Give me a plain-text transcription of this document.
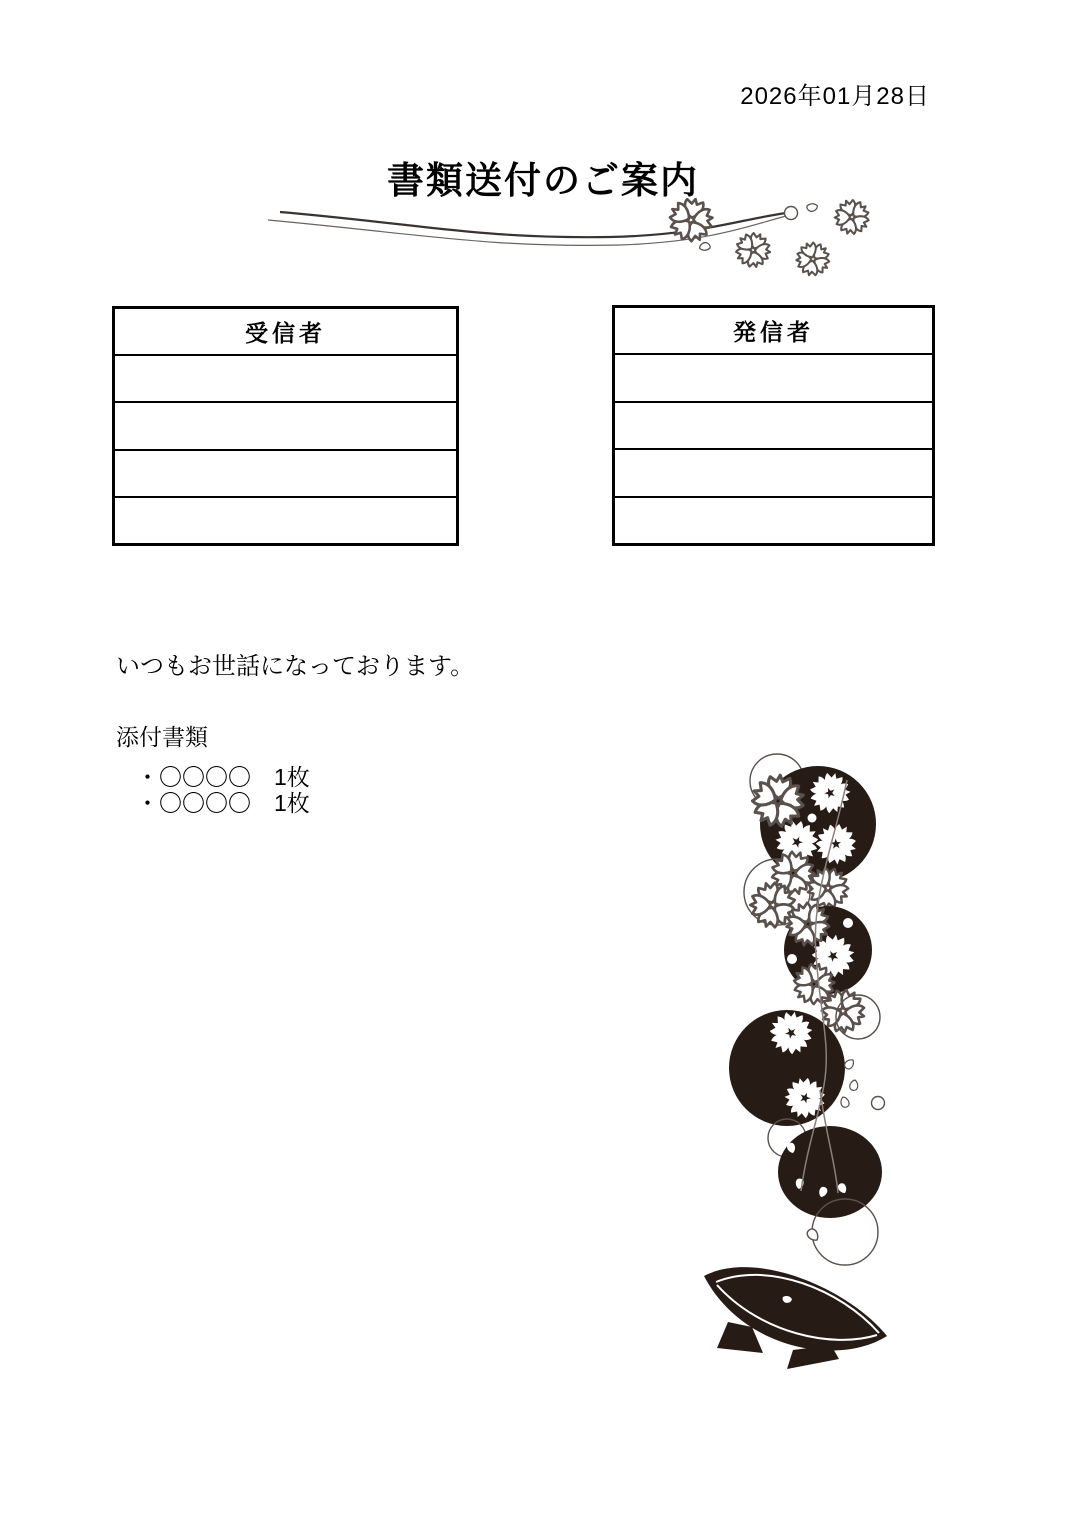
2026年01月28日
書類送付のご案内
受信者	発信者
いつもお世話になっております。
添付書類
・〇〇〇〇　1枚
・〇〇〇〇　1枚
